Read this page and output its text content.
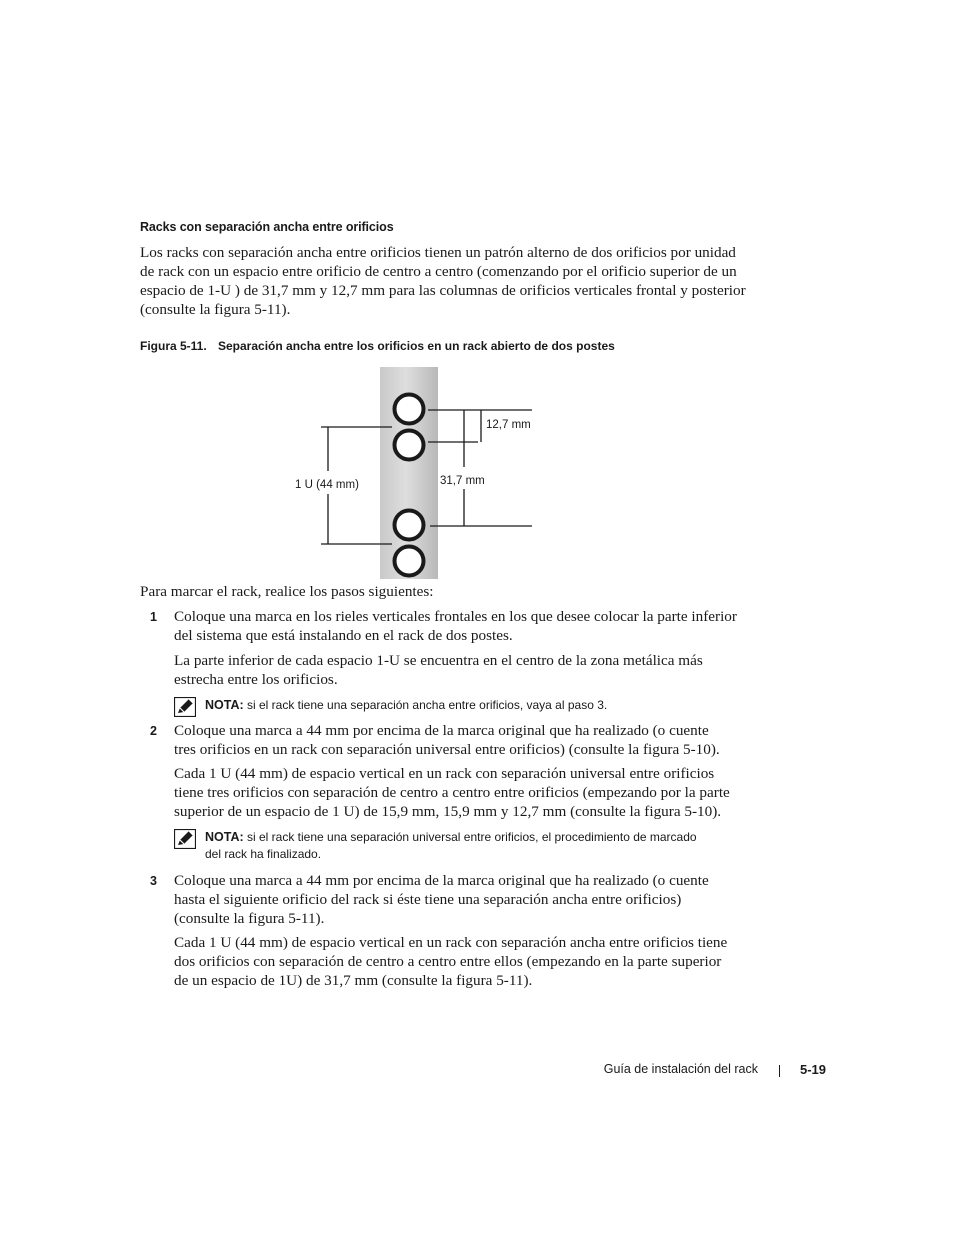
Racks con separación ancha entre orificios
Los racks con separación ancha entre orificios tienen un patrón alterno de dos orificios por unidad
de rack con un espacio entre orificio de centro a centro (comenzando por el orificio superior de un
espacio de 1-U ) de 31,7 mm y 12,7 mm para las columnas de orificios verticales frontal y posterior
(consulte la figura 5-11).
Figura 5-11. Separación ancha entre los orificios en un rack abierto de dos postes
1 U (44 mm)
12,7 mm
31,7 mm
Para marcar el rack, realice los pasos siguientes:
1 Coloque una marca en los rieles verticales frontales en los que desee colocar la parte inferior
del sistema que está instalando en el rack de dos postes.
La parte inferior de cada espacio 1-U se encuentra en el centro de la zona metálica más
estrecha entre los orificios.
NOTA: si el rack tiene una separación ancha entre orificios, vaya al paso 3.
2 Coloque una marca a 44 mm por encima de la marca original que ha realizado (o cuente
tres orificios en un rack con separación universal entre orificios) (consulte la figura 5-10).
Cada 1 U (44 mm) de espacio vertical en un rack con separación universal entre orificios
tiene tres orificios con separación de centro a centro entre orificios (empezando por la parte
superior de un espacio de 1 U) de 15,9 mm, 15,9 mm y 12,7 mm (consulte la figura 5-10).
NOTA: si el rack tiene una separación universal entre orificios, el procedimiento de marcado
del rack ha finalizado.
3 Coloque una marca a 44 mm por encima de la marca original que ha realizado (o cuente
hasta el siguiente orificio del rack si éste tiene una separación ancha entre orificios)
(consulte la figura 5-11).
Cada 1 U (44 mm) de espacio vertical en un rack con separación ancha entre orificios tiene
dos orificios con separación de centro a centro entre ellos (empezando en la parte superior
de un espacio de 1U) de 31,7 mm (consulte la figura 5-11).
Guía de instalación del rack	5-19
